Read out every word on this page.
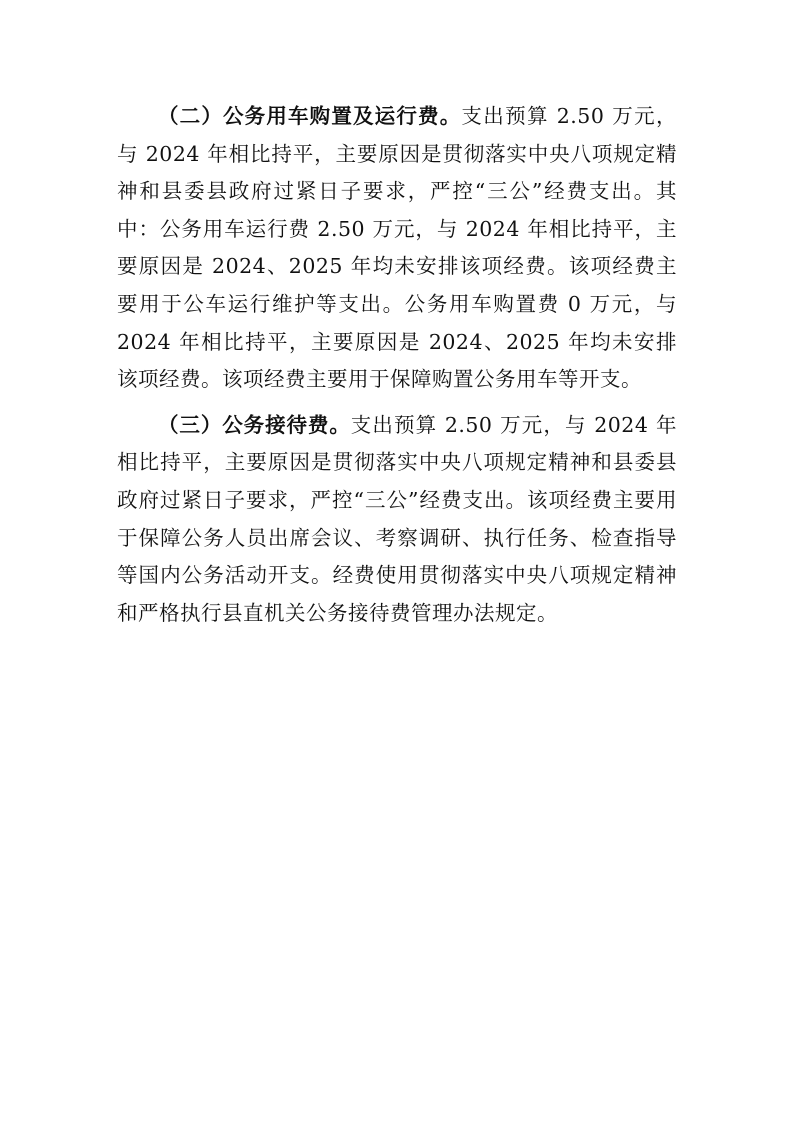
（二）公务用车购置及运行费。支出预算 2.50 万元，与 2024 年相比持平，主要原因是贯彻落实中央八项规定精神和县委县政府过紧日子要求，严控“三公”经费支出。其中：公务用车运行费 2.50 万元，与 2024 年相比持平，主要原因是 2024、2025 年均未安排该项经费。该项经费主要用于公车运行维护等支出。公务用车购置费 0 万元，与 2024 年相比持平，主要原因是 2024、2025 年均未安排该项经费。该项经费主要用于保障购置公务用车等开支。

（三）公务接待费。支出预算 2.50 万元，与 2024 年相比持平，主要原因是贯彻落实中央八项规定精神和县委县政府过紧日子要求，严控“三公”经费支出。该项经费主要用于保障公务人员出席会议、考察调研、执行任务、检查指导等国内公务活动开支。经费使用贯彻落实中央八项规定精神和严格执行县直机关公务接待费管理办法规定。
